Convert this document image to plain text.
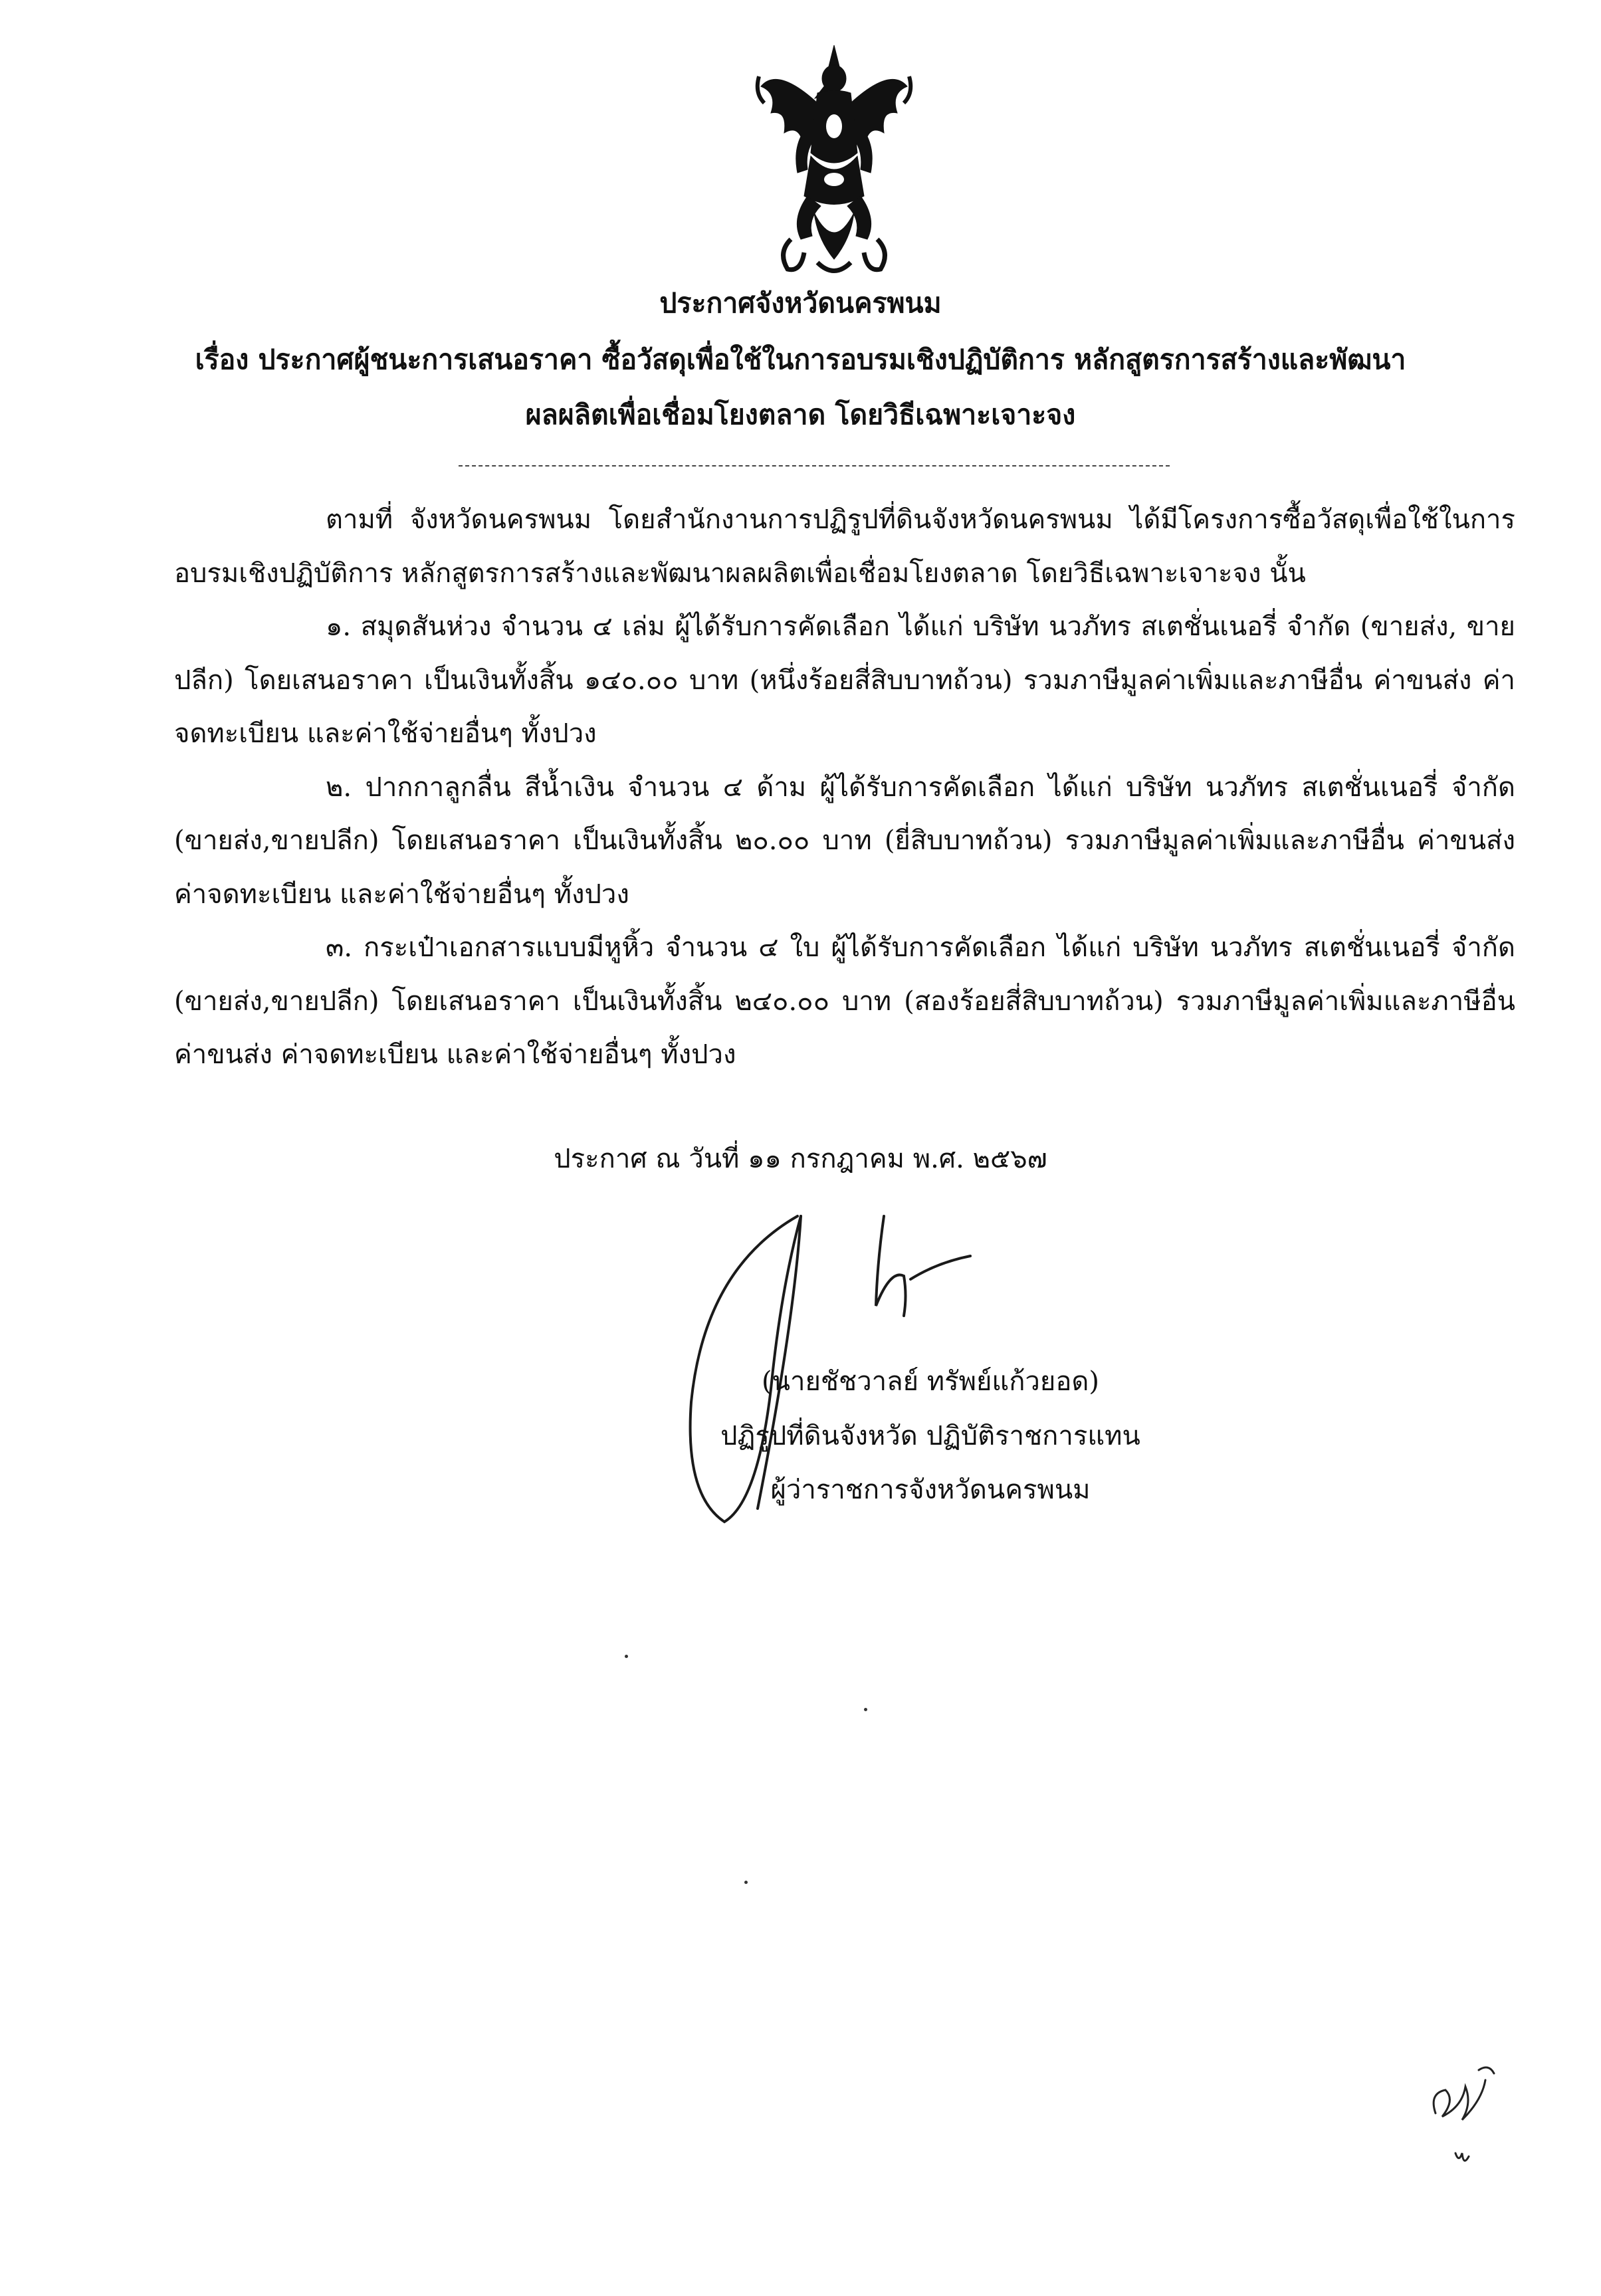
ประกาศจังหวัดนครพนม
เรื่อง ประกาศผู้ชนะการเสนอราคา ซื้อวัสดุเพื่อใช้ในการอบรมเชิงปฏิบัติการ หลักสูตรการสร้างและพัฒนา
ผลผลิตเพื่อเชื่อมโยงตลาด โดยวิธีเฉพาะเจาะจง

ตามที่ จังหวัดนครพนม โดยสำนักงานการปฏิรูปที่ดินจังหวัดนครพนม ได้มีโครงการซื้อวัสดุเพื่อใช้ในการอบรมเชิงปฏิบัติการ หลักสูตรการสร้างและพัฒนาผลผลิตเพื่อเชื่อมโยงตลาด โดยวิธีเฉพาะเจาะจง นั้น

๑. สมุดสันห่วง จำนวน ๔ เล่ม ผู้ได้รับการคัดเลือก ได้แก่ บริษัท นวภัทร สเตชั่นเนอรี่ จำกัด (ขายส่ง, ขายปลีก) โดยเสนอราคา เป็นเงินทั้งสิ้น ๑๔๐.๐๐ บาท (หนึ่งร้อยสี่สิบบาทถ้วน) รวมภาษีมูลค่าเพิ่มและภาษีอื่น ค่าขนส่ง ค่าจดทะเบียน และค่าใช้จ่ายอื่นๆ ทั้งปวง

๒. ปากกาลูกลื่น สีน้ำเงิน จำนวน ๔ ด้าม ผู้ได้รับการคัดเลือก ได้แก่ บริษัท นวภัทร สเตชั่นเนอรี่ จำกัด (ขายส่ง,ขายปลีก) โดยเสนอราคา เป็นเงินทั้งสิ้น ๒๐.๐๐ บาท (ยี่สิบบาทถ้วน) รวมภาษีมูลค่าเพิ่มและภาษีอื่น ค่าขนส่ง ค่าจดทะเบียน และค่าใช้จ่ายอื่นๆ ทั้งปวง

๓. กระเป๋าเอกสารแบบมีหูหิ้ว จำนวน ๔ ใบ ผู้ได้รับการคัดเลือก ได้แก่ บริษัท นวภัทร สเตชั่นเนอรี่ จำกัด (ขายส่ง,ขายปลีก) โดยเสนอราคา เป็นเงินทั้งสิ้น ๒๔๐.๐๐ บาท (สองร้อยสี่สิบบาทถ้วน) รวมภาษีมูลค่าเพิ่มและภาษีอื่น ค่าขนส่ง ค่าจดทะเบียน และค่าใช้จ่ายอื่นๆ ทั้งปวง

ประกาศ ณ วันที่ ๑๑ กรกฎาคม พ.ศ. ๒๕๖๗
(นายชัชวาลย์ ทรัพย์แก้วยอด)
ปฏิรูปที่ดินจังหวัด ปฏิบัติราชการแทน
ผู้ว่าราชการจังหวัดนครพนม
